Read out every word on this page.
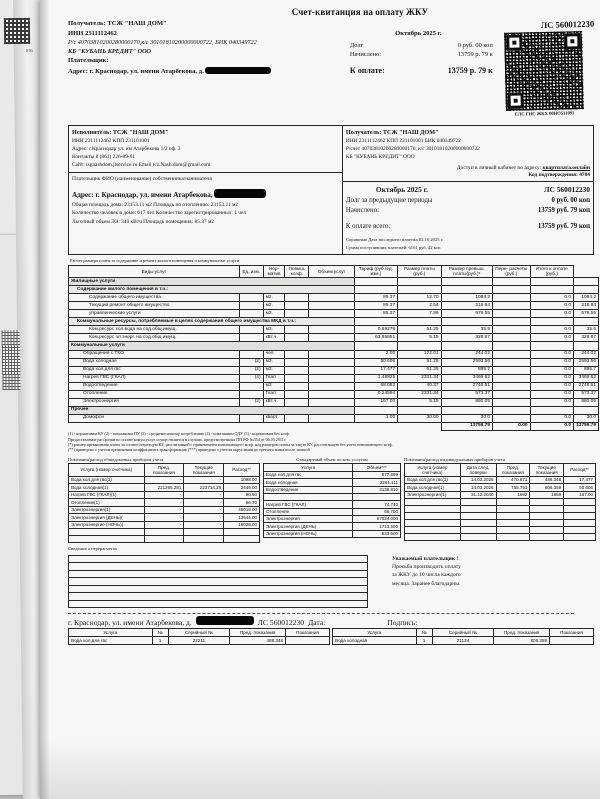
091
Счет-квитанция на оплату ЖКУ
Получатель: ТСЖ "НАШ ДОМ"
ИНН 2311112462
Р/с 40703810200280000170,к/с 30101810200000000722, БИК 040349722
КБ "КУБАНЬ КРЕДИТ" ООО
Плательщик:
Адрес: г. Краснодар, ул. имени Атарбекова, д.
Октябрь 2025 г.
Долг	0 руб. 00 коп
Начислено:	13759 р. 79 к
К оплате:	13759 р. 79 к
ЛС 560012230
ЕЛС ГИС ЖКХ 00НО511091
Исполнитель: ТСЖ "НАШ ДОМ"
ИНН 2311112462 КПП 231101001
Адрес: г.Краснодар ул. им Атарбекова 1/2 оф. 3
Контакты 8 (861) 226-89-61
Сайт: tsgnashdom.jlservice.ru Email tcz.Nash.dom@gmail.com
Плательщик ФИО (наименование) собственника/нанимателя
Адрес: г. Краснодар, ул. имени Атарбекова,
Общая площадь дома: 23153.11 м2 Площадь по отоплению: 23153.11 м2
Количество человек в доме: 617 чел Количество зарегистрированных: 1 чел
Льготный объем ЭЭ: 340 кВтч Площадь помещения: 85.37 м2
Получатель: ТСЖ "НАШ ДОМ"
ИНН 2311112462 КПП 231101001 БИК 040349722
Р/счет 40703810200280000170, к/с 30101810200000000722
КБ "КУБАНЬ КРЕДИТ" ООО
Доступ в личный кабинет по адресу: квартплата.онлайн
Код подтверждения: 4784
Октябрь 2025 г.	ЛС 560012230
Долг за предыдущие периоды	0 руб. 00 коп
Начислено:	13759 руб. 79 коп
К оплате всего:	13759 руб. 79 коп
Справочно Дата последнего платежа 02.10.2025 г.
Сумма поступивших платежей: 6161 руб. 42 коп
Расчет размера платы за содержание и ремонт жилого помещения и коммунальные услуги
Виды услуг	Ед. изм.	Нор- матив	Повыш. коэф.	Объем услуг	Тариф (руб./ед. изм.)	Размер платы (руб.)	Размер превыш. платы(руб.)*	Пере- расчеты (руб.)	Итого к оплате (руб.)	
Жилищные услуги										
Содержание жилого помещения в т.ч.:										
Содержание общего имущества		м2.			85.37	12.70	1084.2		0.0	1084.2
Текущий ремонт общего имущество		м2.			85.37	2.54	216.84		0.0	216.84
управленческие услуги		м2.			85.37	7.96	679.55		0.0	679.55
Коммунальные ресурсы, потребляемые в целях содержания общего имущества МКД в т.ч.:										
Ком.ресурс хол.вода на сод.общ.имущ.		м3.			0.69278	51.25	35.5		0.0	35.5
Ком.ресурс эл.энерг. на сод.общ.имущ.		кВт.ч			63.85851	5.15	328.87		0.0	328.87
Коммунальные услуги										
Обращение с ТКО		чел			2.00	122.01	244.02		0.0	244.02
Вода холодная	(2)	м3.			50.606	51.25	2593.56		0.0	2593.56
Вода хол.для гвс	(2)	м3.			17.477	51.25	895.7		0.0	895.7
Нагрев ГВС (ГКАЛ)	(4)	Гкал			1.48825	2331.34	3469.62		0.0	3469.62
Водоотведение		м3			68.083	40.37	2748.51		0.0	2748.51
Отопление		Гкал			0.24594	2331.34	573.37		0.0	573.37
Электроэнергия	(2)	кВт.ч			167.00	5.15	860.05		0.0	860.05
Прочее										
Домофон		кварт			1.00	30.00	30.0		0.0	30.0
							13759.79	0.00	0.0	13759.79
(1) - нормативам КУ (2) - показаниям ПУ (3) - среднемесячному потреблению (4) - показаниям ОДУ (5) - нормативам без коэф.
Предоставление рассрочки по оплате комун.услуг осуществляется в случаях, предусмотренных ПП РФ №354 от 06.05.2011г.
(*) размер превышения платы за соответствующую КУ, рассчитанной с применением повышающего коэф. над размером платы за такую КУ, рассчитанную без учета повышающего коэф.
(**) приведено с учетом применения коэффициента трансформации (***) приведено с учетом округления до третьего знака после запятой
Показания/расход общедомовых приборов учета
Услуга (номер счетчика)	Пред. показания	Текущие показания	Расход**
Вода хол.для гвс(1)	-	-	1098.00
Вода холодная(1)	221265.281	223714.28	2449.00
Нагрев ГВС (ГКАЛ)(1)	-	-	90.50
Отопление(1)	-	-	66.70
Электроэнергия(1)	-	-	45018.00
Электроэнергия (ДЕНЬ)(	-	-	13644.00
Электроэнергие (НОЧЬ)(	-	-	18028.00

Стандартный объем по ком. услугам
Услуга	Объем***
Вода хол.для гвс	877.699
Вода холодная	2261.111
Водоотведение	3138.810

Нагрев ГВС (ГКАЛ)	74.740
Отопление	66.700
Электроэнергия	57024.000
Электроэнергия (ДЕНЬ)	1713.500
Электроэнергия (НОЧЬ)	633.500
Показания/расход индивидуальных приборов учета
Услуга (номер счетчика)	Дата след. поверки	Пред. показания	Текущие показания	Расход**
Вода хол.для гвс(1)	14.03.2026	470.871	488.348	17.477
Вода холодная(1)	14.03.2026	755.753	806.359	50.606
Электроэнергия(1)	31.12.2040	1692	1859	167.00

Сведения о перерасчетах

Уважаемый плательщик !
Просьба производить оплату
за ЖКУ до 10 числа каждого
месяца. Заранее благодарны.
г. Краснодар, ул. имени Атарбекова, д.	ЛС 560012230 Дата:	Подпись:
Услуга	№	Серийный №	Пред. показания	Показания
Вода хол.для гвс	1	22211	488.348	
Услуга	№	Серийный №	Пред. показания	Показания
Вода холодная	1	21134	806.359	
